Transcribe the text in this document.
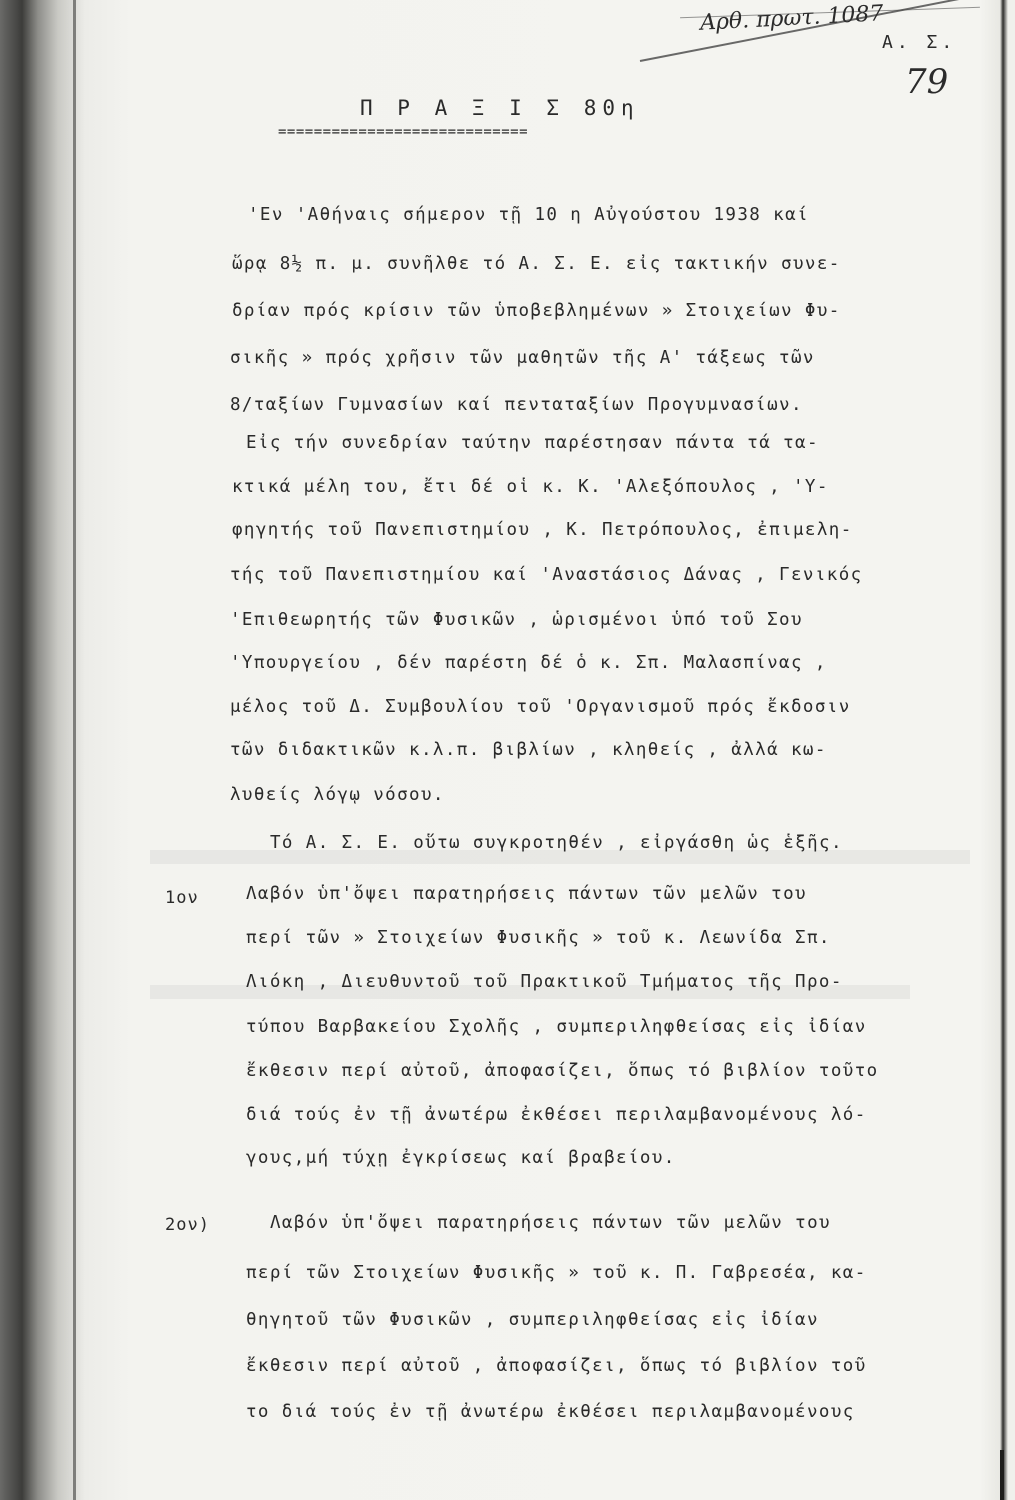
Αρθ. πρωτ. 1087
Α. Σ.
79
Π Ρ Α Ξ Ι Σ 80η
============================
'Εν 'Αθήναις σήμερον τῇ 10 η Αὐγούστου 1938 καί
ὥρᾳ 8½ π. μ. συνῆλθε τό Α. Σ. Ε. εἰς τακτικήν συνε-
δρίαν πρός κρίσιν τῶν ὑποβεβλημένων » Στοιχείων Φυ-
σικῆς » πρός χρῆσιν τῶν μαθητῶν τῆς Α' τάξεως τῶν
8/ταξίων Γυμνασίων καί πενταταξίων Προγυμνασίων.
Εἰς τήν συνεδρίαν ταύτην παρέστησαν πάντα τά τα-
κτικά μέλη του, ἔτι δέ οἱ κ. Κ. 'Αλεξόπουλος , 'Υ-
φηγητής τοῦ Πανεπιστημίου , Κ. Πετρόπουλος, ἐπιμελη-
τής τοῦ Πανεπιστημίου καί 'Αναστάσιος Δάνας , Γενικός
'Επιθεωρητής τῶν Φυσικῶν , ὡρισμένοι ὑπό τοῦ Σου
'Υπουργείου , δέν παρέστη δέ ὁ κ. Σπ. Μαλασπίνας ,
μέλος τοῦ Δ. Συμβουλίου τοῦ 'Οργανισμοῦ πρός ἔκδοσιν
τῶν διδακτικῶν κ.λ.π. βιβλίων , κληθείς , ἀλλά κω-
λυθείς λόγῳ νόσου.
Τό Α. Σ. Ε. οὕτω συγκροτηθέν , εἰργάσθη ὡς ἑξῆς.
1ον	Λαβόν ὑπ'ὄψει παρατηρήσεις πάντων τῶν μελῶν του
περί τῶν » Στοιχείων Φυσικῆς » τοῦ κ. Λεωνίδα Σπ.
Λιόκη , Διευθυντοῦ τοῦ Πρακτικοῦ Τμήματος τῆς Προ-
τύπου Βαρβακείου Σχολῆς , συμπεριληφθείσας εἰς ἰδίαν
ἔκθεσιν περί αὐτοῦ, ἀποφασίζει, ὅπως τό βιβλίον τοῦτο
διά τούς ἐν τῇ ἀνωτέρω ἐκθέσει περιλαμβανομένους λό-
γους,μή τύχῃ ἐγκρίσεως καί βραβείου.
2ον)	Λαβόν ὑπ'ὄψει παρατηρήσεις πάντων τῶν μελῶν του
περί τῶν Στοιχείων Φυσικῆς » τοῦ κ. Π. Γαβρεσέα, κα-
θηγητοῦ τῶν Φυσικῶν , συμπεριληφθείσας εἰς ἰδίαν
ἔκθεσιν περί αὐτοῦ , ἀποφασίζει, ὅπως τό βιβλίον τοῦ
το διά τούς ἐν τῇ ἀνωτέρω ἐκθέσει περιλαμβανομένους
